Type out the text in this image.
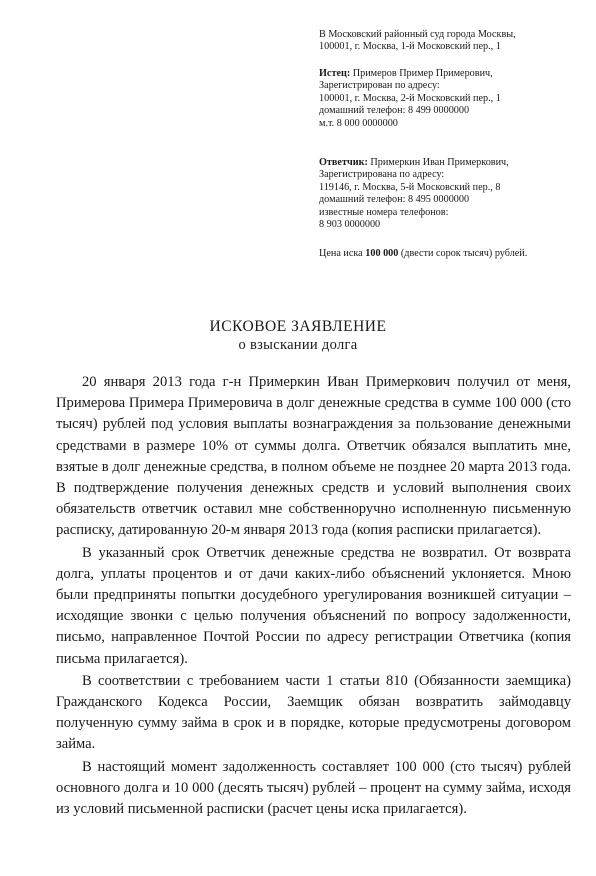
В Московский районный суд города Москвы,
100001, г. Москва, 1-й Московский пер., 1
Истец: Примеров Пример Примерович,
Зарегистрирован по адресу:
100001, г. Москва, 2-й Московский пер., 1
домашний телефон: 8 499 0000000
м.т. 8 000 0000000
Ответчик: Примеркин Иван Примеркович,
Зарегистрирована по адресу:
119146, г. Москва, 5-й Московский пер., 8
домашний телефон: 8 495 0000000
известные номера телефонов:
8 903 0000000
Цена иска 100 000 (двести сорок тысяч) рублей.
ИСКОВОЕ ЗАЯВЛЕНИЕ
о взыскании долга

20 января 2013 года г-н Примеркин Иван Примеркович получил от меня, Примерова Примера Примеровича в долг денежные средства в сумме 100 000 (сто тысяч) рублей под условия выплаты вознаграждения за пользование денежными средствами в размере 10% от суммы долга. Ответчик обязался выплатить мне, взятые в долг денежные средства, в полном объеме не позднее 20 марта 2013 года. В подтверждение получения денежных средств и условий выполнения своих обязательств ответчик оставил мне собственноручно исполненную письменную расписку, датированную 20-м января 2013 года (копия расписки прилагается).

В указанный срок Ответчик денежные средства не возвратил. От возврата долга, уплаты процентов и от дачи каких-либо объяснений уклоняется. Мною были предприняты попытки досудебного урегулирования возникшей ситуации – исходящие звонки с целью получения объяснений по вопросу задолженности, письмо, направленное Почтой России по адресу регистрации Ответчика (копия письма прилагается).

В соответствии с требованием части 1 статьи 810 (Обязанности заемщика) Гражданского Кодекса России, Заемщик обязан возвратить займодавцу полученную сумму займа в срок и в порядке, которые предусмотрены договором займа.

В настоящий момент задолженность составляет 100 000 (сто тысяч) рублей основного долга и 10 000 (десять тысяч) рублей – процент на сумму займа, исходя из условий письменной расписки (расчет цены иска прилагается).
